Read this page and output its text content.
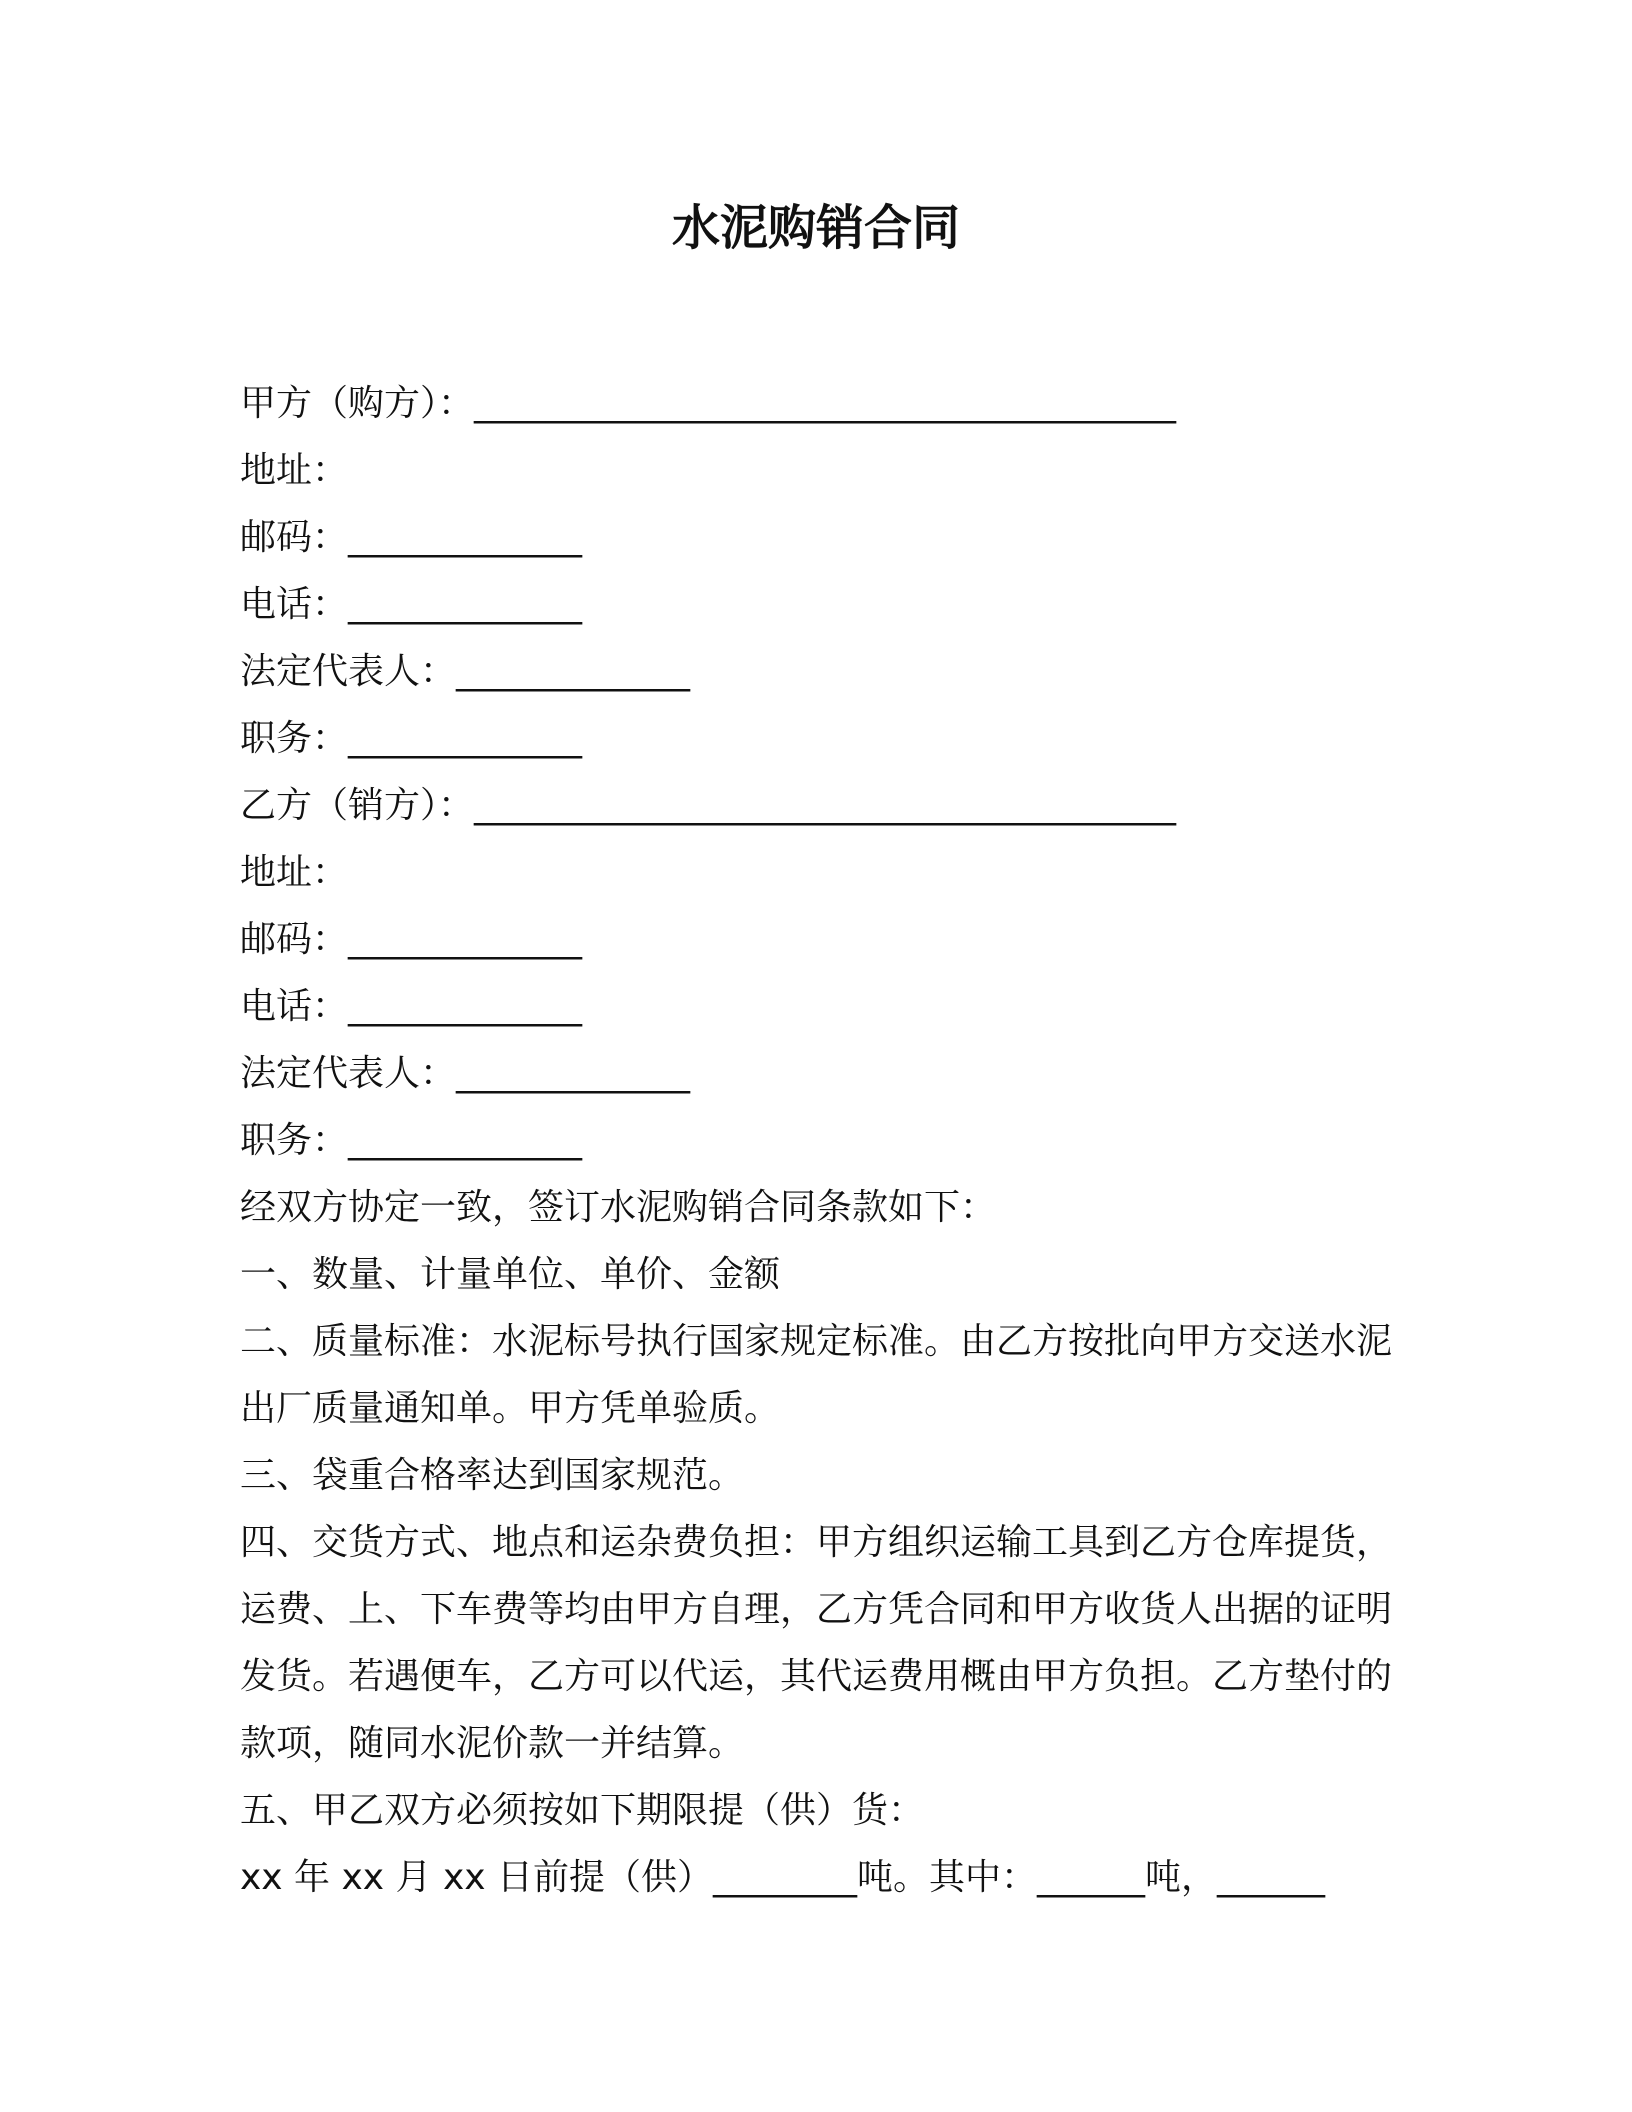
水泥购销合同
甲方（购方）：_______________________________________
地址：
邮码：_____________
电话：_____________
法定代表人：_____________
职务：_____________
乙方（销方）：_______________________________________
地址：
邮码：_____________
电话：_____________
法定代表人：_____________
职务：_____________
经双方协定一致，签订水泥购销合同条款如下：
一、数量、计量单位、单价、金额
二、质量标准：水泥标号执行国家规定标准。由乙方按批向甲方交送水泥出厂质量通知单。甲方凭单验质。
三、袋重合格率达到国家规范。
四、交货方式、地点和运杂费负担：甲方组织运输工具到乙方仓库提货，运费、上、下车费等均由甲方自理，乙方凭合同和甲方收货人出据的证明发货。若遇便车，乙方可以代运，其代运费用概由甲方负担。乙方垫付的款项，随同水泥价款一并结算。
五、甲乙双方必须按如下期限提（供）货：
xx 年 xx 月 xx 日前提（供）________吨。其中：______吨，______
